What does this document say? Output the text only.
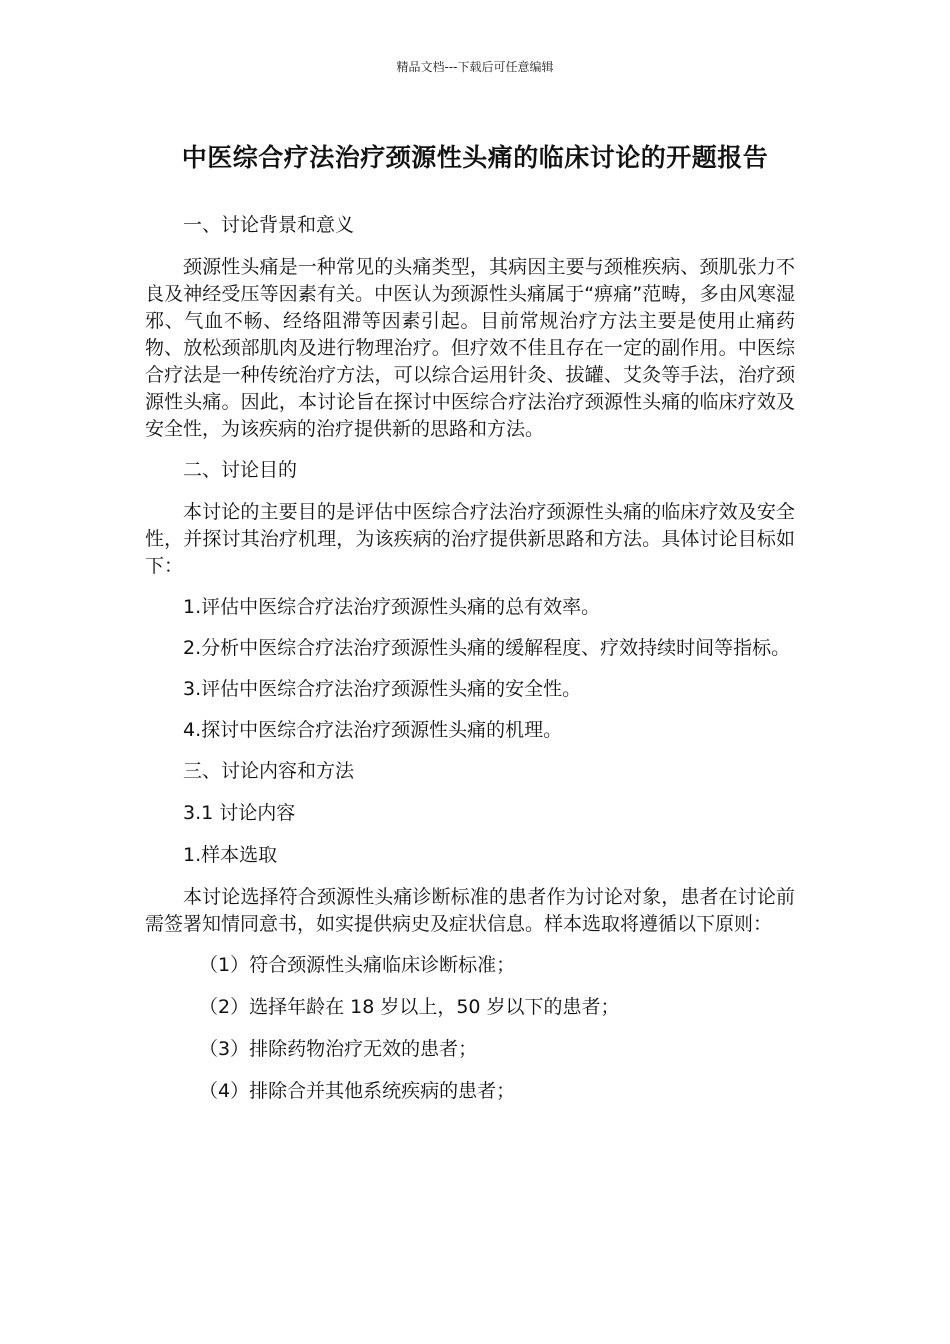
精品文档---下载后可任意编辑
中医综合疗法治疗颈源性头痛的临床讨论的开题报告

一、讨论背景和意义

颈源性头痛是一种常见的头痛类型，其病因主要与颈椎疾病、颈肌张力不良及神经受压等因素有关。中医认为颈源性头痛属于“痹痛”范畴，多由风寒湿邪、气血不畅、经络阻滞等因素引起。目前常规治疗方法主要是使用止痛药物、放松颈部肌肉及进行物理治疗。但疗效不佳且存在一定的副作用。中医综合疗法是一种传统治疗方法，可以综合运用针灸、拔罐、艾灸等手法，治疗颈源性头痛。因此，本讨论旨在探讨中医综合疗法治疗颈源性头痛的临床疗效及安全性，为该疾病的治疗提供新的思路和方法。

二、讨论目的

本讨论的主要目的是评估中医综合疗法治疗颈源性头痛的临床疗效及安全性，并探讨其治疗机理，为该疾病的治疗提供新思路和方法。具体讨论目标如下：

1.评估中医综合疗法治疗颈源性头痛的总有效率。

2.分析中医综合疗法治疗颈源性头痛的缓解程度、疗效持续时间等指标。

3.评估中医综合疗法治疗颈源性头痛的安全性。

4.探讨中医综合疗法治疗颈源性头痛的机理。

三、讨论内容和方法

3.1 讨论内容

1.样本选取

本讨论选择符合颈源性头痛诊断标准的患者作为讨论对象，患者在讨论前需签署知情同意书，如实提供病史及症状信息。样本选取将遵循以下原则：

（1）符合颈源性头痛临床诊断标准；

（2）选择年龄在 18 岁以上，50 岁以下的患者；

（3）排除药物治疗无效的患者；

（4）排除合并其他系统疾病的患者；
